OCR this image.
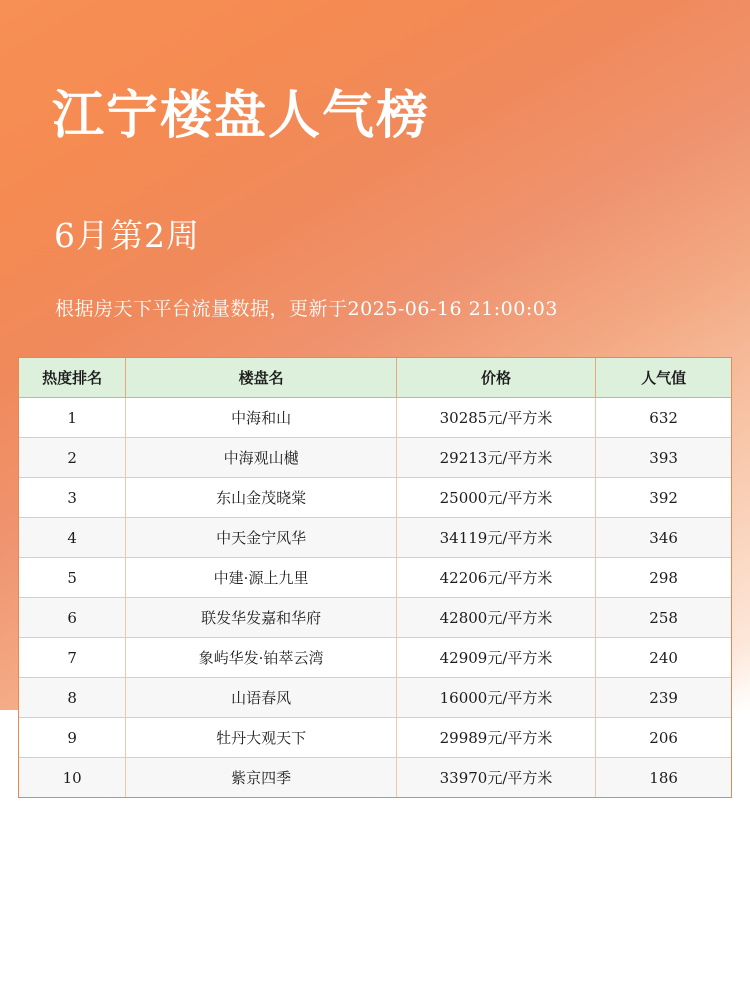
江宁楼盘人气榜
6月第2周
根据房天下平台流量数据，更新于2025-06-16 21:00:03
热度排名	楼盘名	价格	人气值
1	中海和山	30285元/平方米	632
2	中海观山樾	29213元/平方米	393
3	东山金茂晓棠	25000元/平方米	392
4	中天金宁风华	34119元/平方米	346
5	中建·源上九里	42206元/平方米	298
6	联发华发嘉和华府	42800元/平方米	258
7	象屿华发·铂萃云湾	42909元/平方米	240
8	山语春风	16000元/平方米	239
9	牡丹大观天下	29989元/平方米	206
10	紫京四季	33970元/平方米	186
